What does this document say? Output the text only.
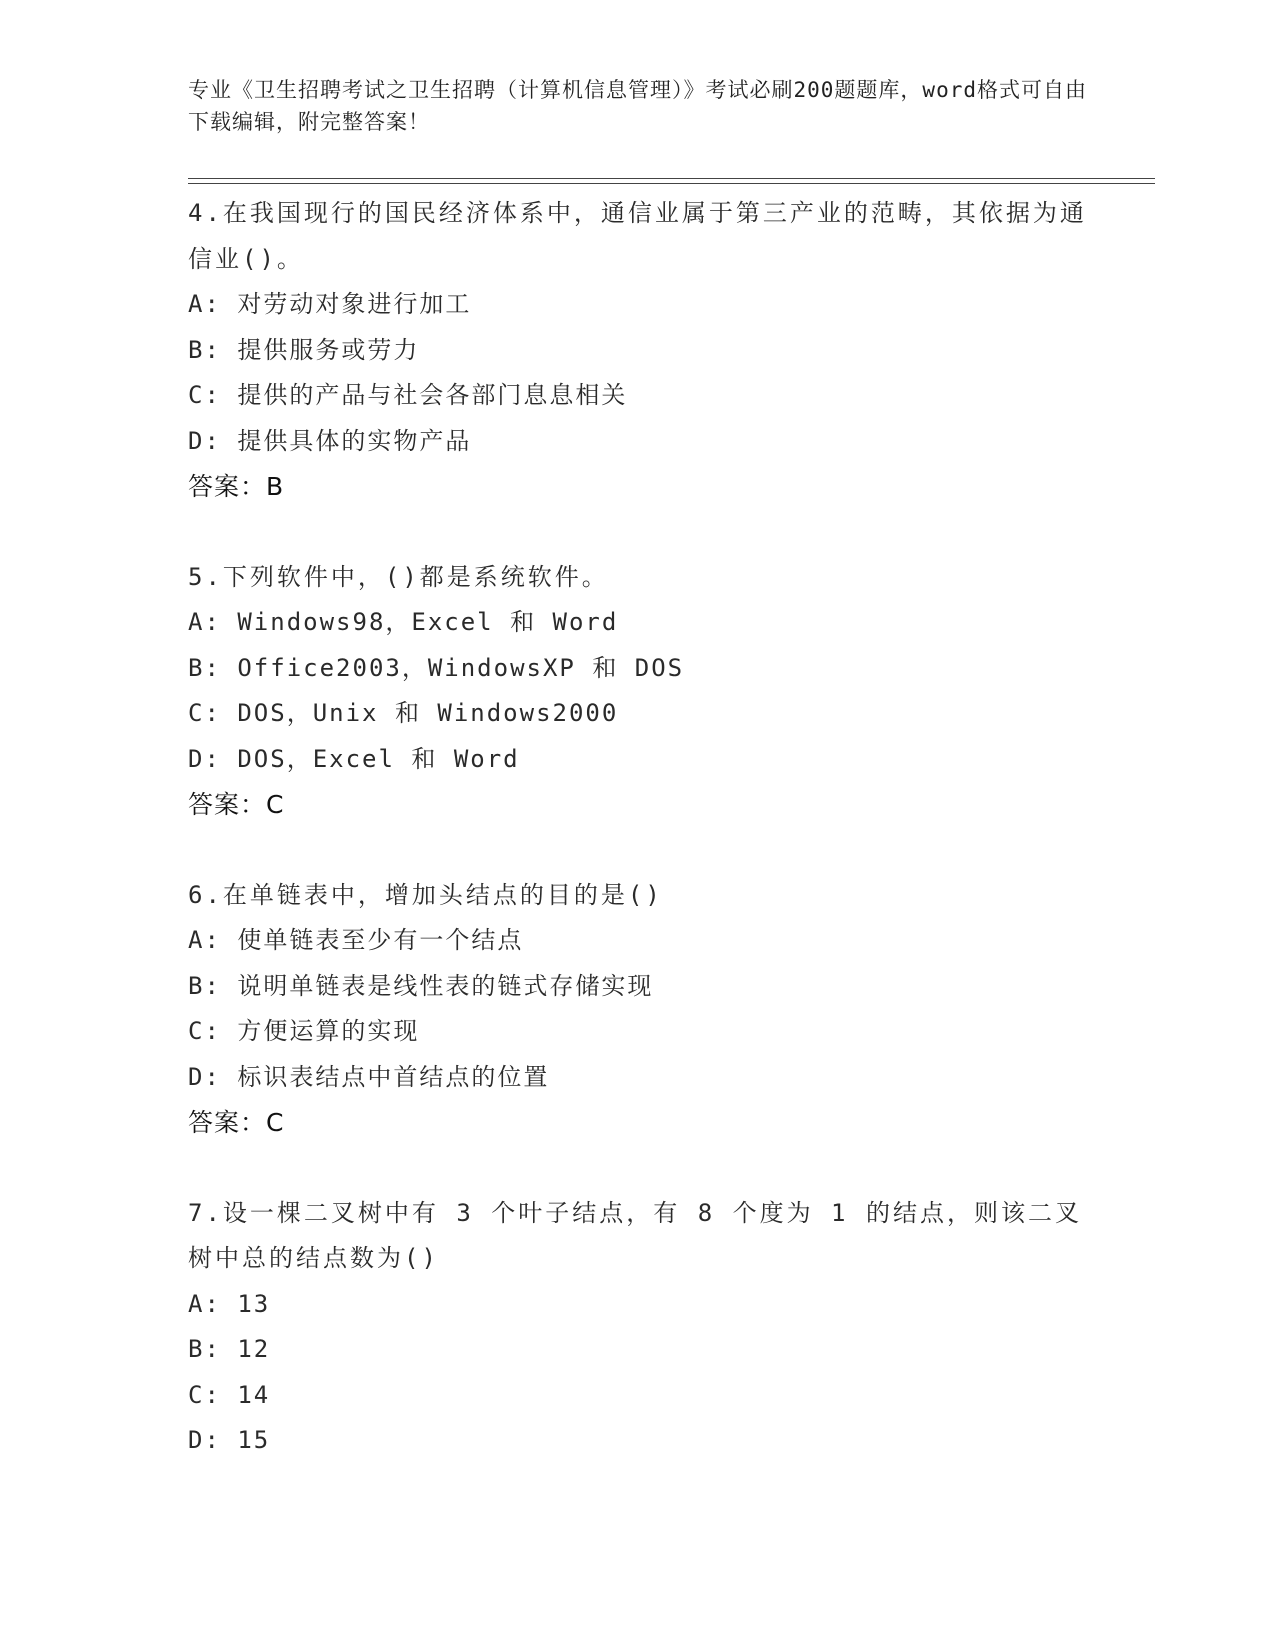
专业《卫生招聘考试之卫生招聘（计算机信息管理）》考试必刷200题题库，word格式可自由下载编辑，附完整答案！
4.在我国现行的国民经济体系中，通信业属于第三产业的范畴，其依据为通信业()。
A: 对劳动对象进行加工
B: 提供服务或劳力
C: 提供的产品与社会各部门息息相关
D: 提供具体的实物产品
答案：B
5.下列软件中，()都是系统软件。
A: Windows98，Excel 和 Word
B: Office2003，WindowsXP 和 DOS
C: DOS，Unix 和 Windows2000
D: DOS，Excel 和 Word
答案：C
6.在单链表中，增加头结点的目的是()
A: 使单链表至少有一个结点
B: 说明单链表是线性表的链式存储实现
C: 方便运算的实现
D: 标识表结点中首结点的位置
答案：C
7.设一棵二叉树中有 3 个叶子结点，有 8 个度为 1 的结点，则该二叉树中总的结点数为()
A: 13
B: 12
C: 14
D: 15
